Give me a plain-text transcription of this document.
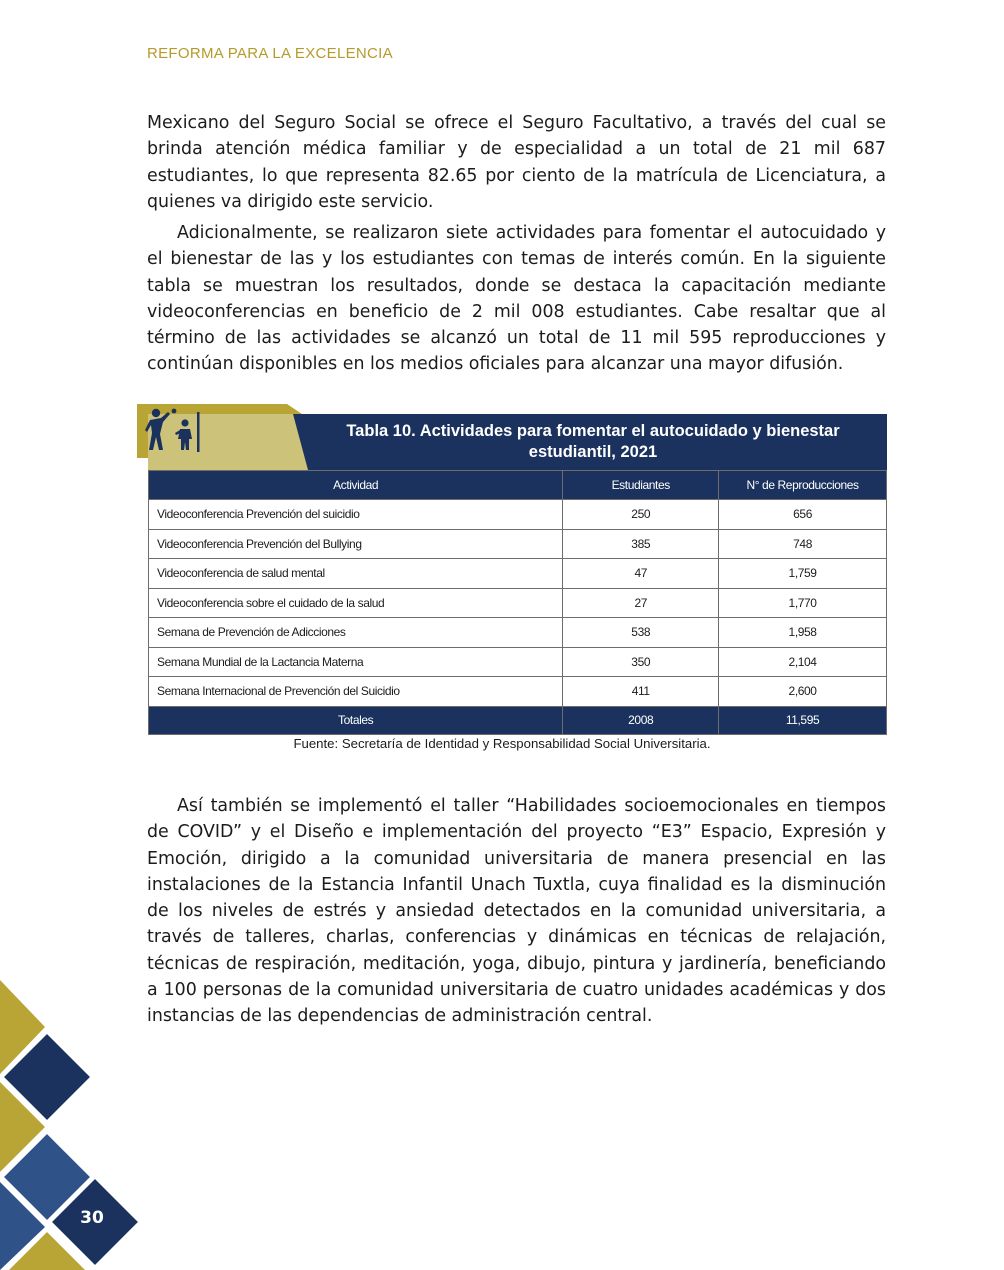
REFORMA PARA LA EXCELENCIA

Mexicano del Seguro Social se ofrece el Seguro Facultativo, a través del cual se brinda atención médica familiar y de especialidad a un total de 21 mil 687 estudiantes, lo que representa 82.65 por ciento de la matrícula de Licenciatura, a quienes va dirigido este servicio.

Adicionalmente, se realizaron siete actividades para fomentar el autocuidado y el bienestar de las y los estudiantes con temas de interés común. En la siguiente tabla se muestran los resultados, donde se destaca la capacitación mediante videoconferencias en beneficio de 2 mil 008 estudiantes. Cabe resaltar que al término de las actividades se alcanzó un total de 11 mil 595 reproducciones y continúan disponibles en los medios oficiales para alcanzar una mayor difusión.

Tabla 10. Actividades para fomentar el autocuidado y bienestar
estudiantil, 2021
Actividad	Estudiantes	N° de Reproducciones
Videoconferencia Prevención del suicidio	250	656
Videoconferencia Prevención del Bullying	385	748
Videoconferencia de salud mental	47	1,759
Videoconferencia sobre el cuidado de la salud	27	1,770
Semana de Prevención de Adicciones	538	1,958
Semana Mundial de la Lactancia Materna	350	2,104
Semana Internacional de Prevención del Suicidio	411	2,600
Totales	2008	11,595
Fuente: Secretaría de Identidad y Responsabilidad Social Universitaria.

Así también se implementó el taller “Habilidades socioemocionales en tiempos de COVID” y el Diseño e implementación del proyecto “E3” Espacio, Expresión y Emoción, dirigido a la comunidad universitaria de manera presencial en las instalaciones de la Estancia Infantil Unach Tuxtla, cuya finalidad es la disminución de los niveles de estrés y ansiedad detectados en la comunidad universitaria, a través de talleres, charlas, conferencias y dinámicas en técnicas de relajación, técnicas de respiración, meditación, yoga, dibujo, pintura y jardinería, beneficiando a 100 personas de la comunidad universitaria de cuatro unidades académicas y dos instancias de las dependencias de administración central.

30
